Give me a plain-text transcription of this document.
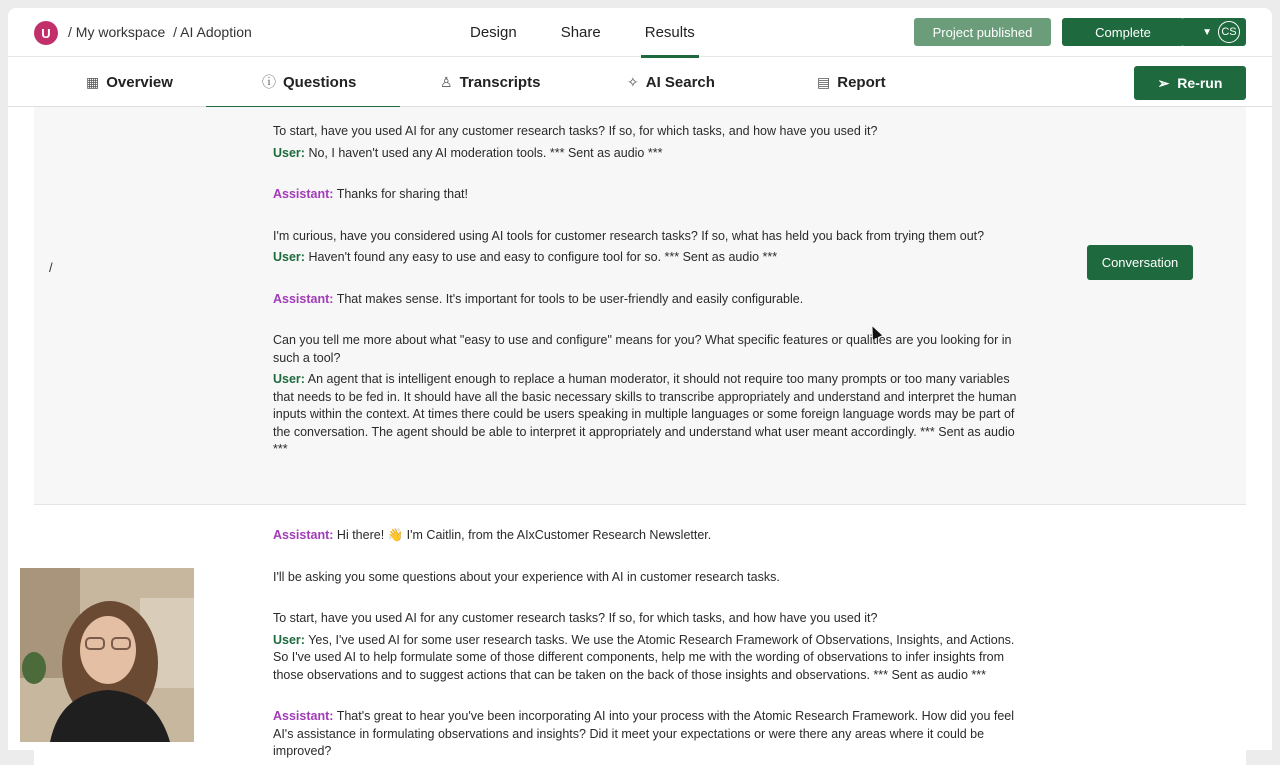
U	/ My workspace / AI Adoption	Design	Share	Results	Project published	Complete	▼ CS
▦ Overview	ⓘ Questions	♙ Transcripts	✧ AI Search	▤ Report	➢ Re-run
/

To start, have you used AI for any customer research tasks? If so, for which tasks, and how have you used it?

User: No, I haven't used any AI moderation tools. *** Sent as audio ***

Assistant: Thanks for sharing that!

I'm curious, have you considered using AI tools for customer research tasks? If so, what has held you back from trying them out?

User: Haven't found any easy to use and easy to configure tool for so. *** Sent as audio ***

Assistant: That makes sense. It's important for tools to be user-friendly and easily configurable.

Can you tell me more about what "easy to use and configure" means for you? What specific features or qualities are you looking for in such a tool?

User: An agent that is intelligent enough to replace a human moderator, it should not require too many prompts or too many variables that needs to be fed in. It should have all the basic necessary skills to transcribe appropriately and understand and interpret the human inputs within the context. At times there could be users speaking in multiple languages or some foreign language words may be part of the conversation. The agent should be able to interpret it appropriately and understand what user meant accordingly. *** Sent as audio ***

Conversation

Assistant: Hi there! 👋 I'm Caitlin, from the AIxCustomer Research Newsletter.

I'll be asking you some questions about your experience with AI in customer research tasks.

To start, have you used AI for any customer research tasks? If so, for which tasks, and how have you used it?

User: Yes, I've used AI for some user research tasks. We use the Atomic Research Framework of Observations, Insights, and Actions. So I've used AI to help formulate some of those different components, help me with the wording of observations to infer insights from those observations and to suggest actions that can be taken on the back of those insights and observations. *** Sent as audio ***

Assistant: That's great to hear you've been incorporating AI into your process with the Atomic Research Framework. How did you feel AI's assistance in formulating observations and insights? Did it meet your expectations or were there any areas where it could be improved?
